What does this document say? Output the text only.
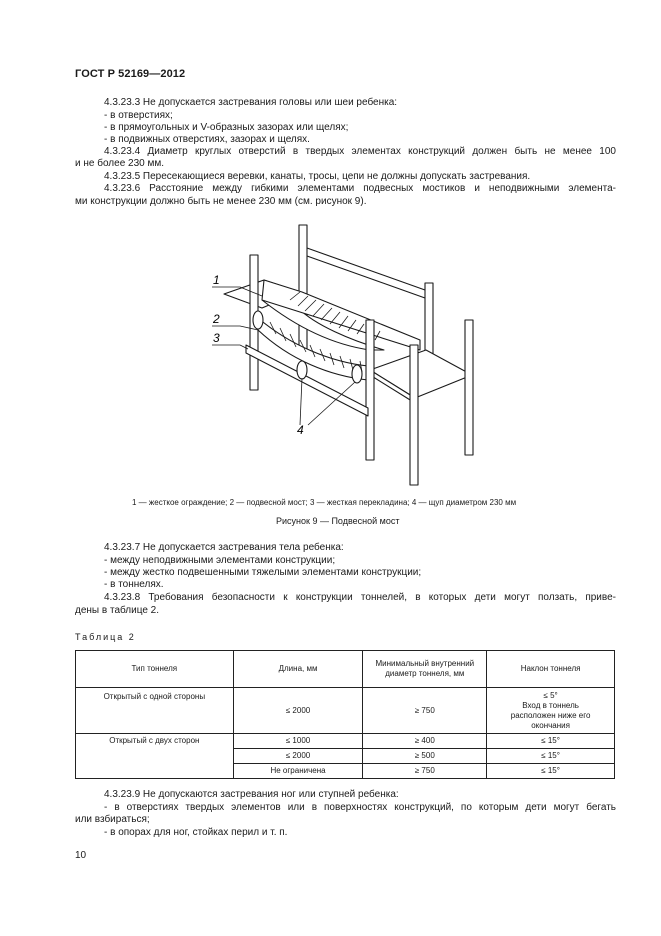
ГОСТ Р 52169—2012
4.3.23.3 Не допускается застревания головы или шеи ребенка:
- в отверстиях;
- в прямоугольных и V-образных зазорах или щелях;
- в подвижных отверстиях, зазорах и щелях.
4.3.23.4 Диаметр круглых отверстий в твердых элементах конструкций должен быть не менее 100
и не более 230 мм.
4.3.23.5 Пересекающиеся веревки, канаты, тросы, цепи не должны допускать застревания.
4.3.23.6 Расстояние между гибкими элементами подвесных мостиков и неподвижными элемента-
ми конструкции должно быть не менее 230 мм (см. рисунок 9).
1
2
3
4
1 — жесткое ограждение; 2 — подвесной мост; 3 — жесткая перекладина; 4 — щуп диаметром 230 мм
Рисунок 9 — Подвесной мост
4.3.23.7 Не допускается застревания тела ребенка:
- между неподвижными элементами конструкции;
- между жестко подвешенными тяжелыми элементами конструкции;
- в тоннелях.
4.3.23.8 Требования безопасности к конструкции тоннелей, в которых дети могут ползать, приве-
дены в таблице 2.
Таблица 2
Тип тоннеля	Длина, мм	Минимальный внутренний диаметр тоннеля, мм	Наклон тоннеля
Открытый с одной стороны	≤ 2000	≥ 750	≤ 5°
Вход в тоннель
расположен ниже его
окончания

Открытый с двух сторон	≤ 1000	≥ 400	≤ 15°
	≤ 2000	≥ 500	≤ 15°
	Не ограничена	≥ 750	≤ 15°
4.3.23.9 Не допускаются застревания ног или ступней ребенка:
- в отверстиях твердых элементов или в поверхностях конструкций, по которым дети могут бегать
или взбираться;
- в опорах для ног, стойках перил и т. п.
10
